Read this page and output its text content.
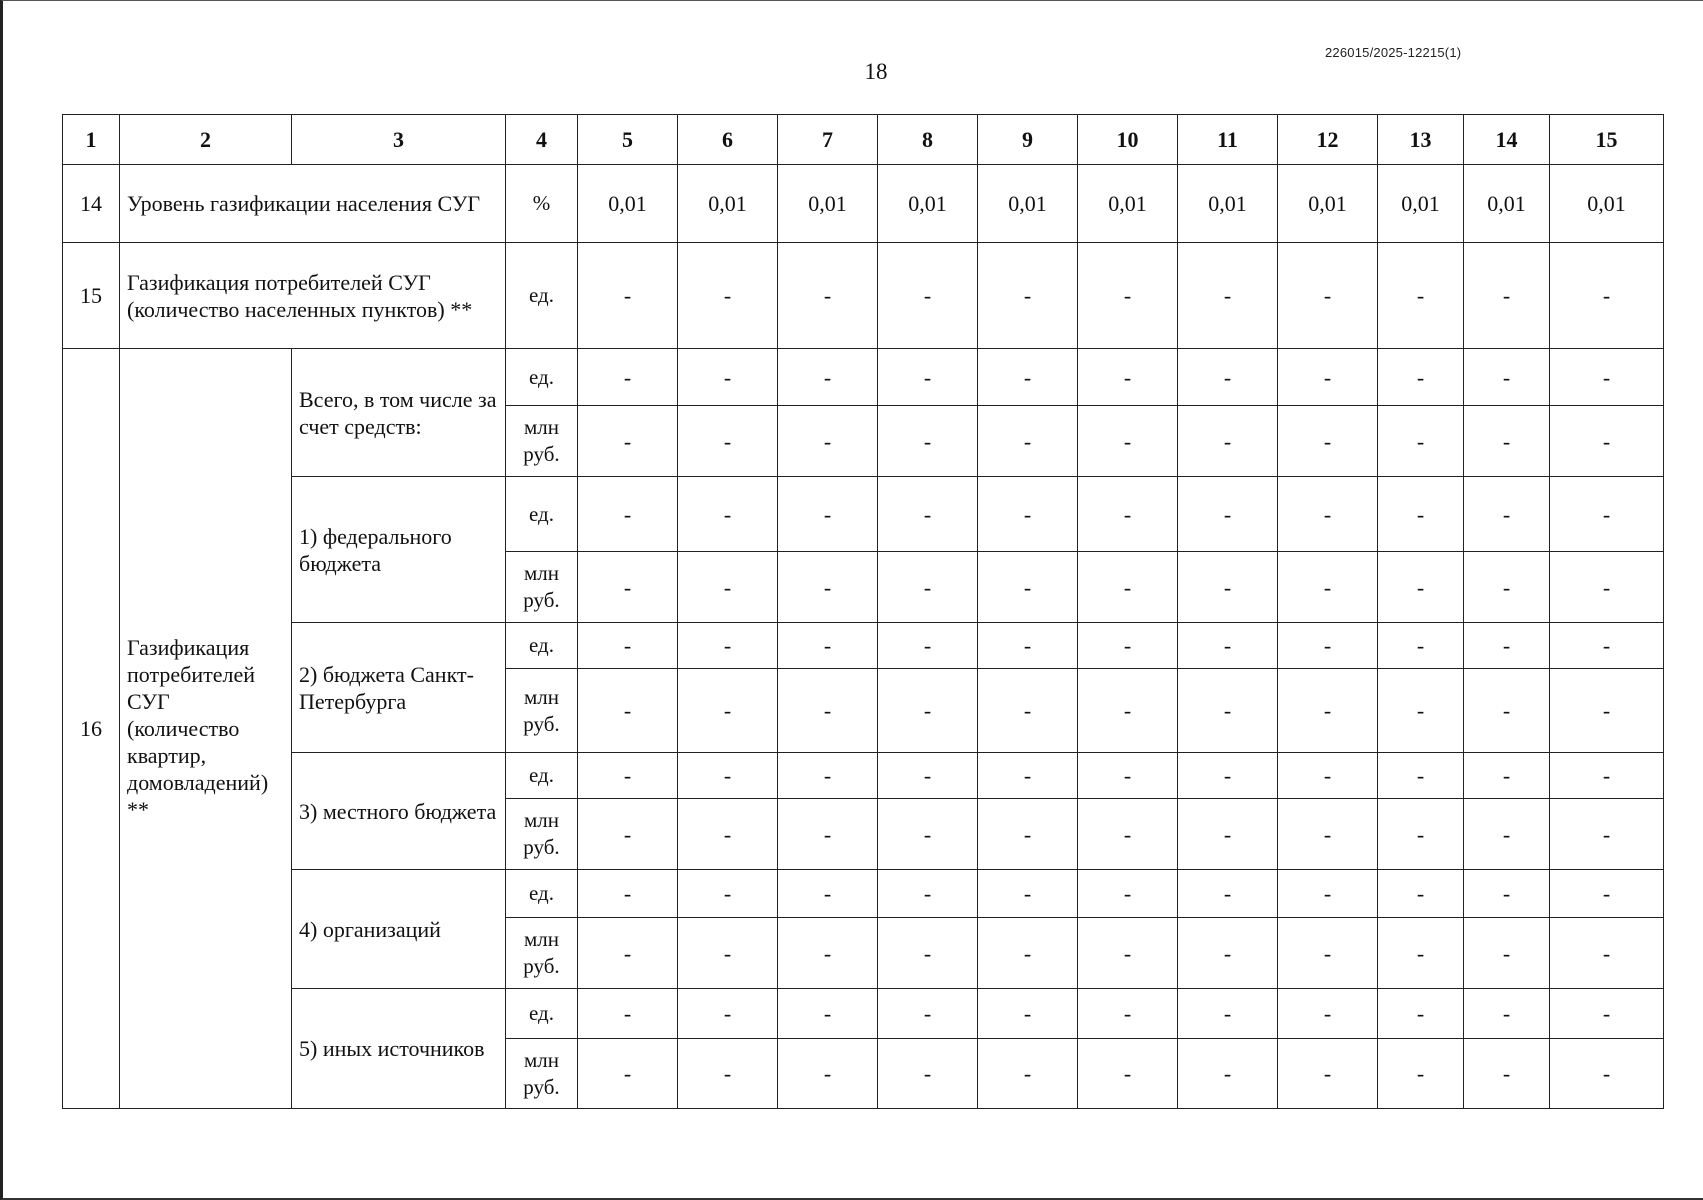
18
226015/2025-12215(1)
1	2	3	4	5	6	7	8	9	10	11	12	13	14	15
14	Уровень газификации населения СУГ		%	0,01	0,01	0,01	0,01	0,01	0,01	0,01	0,01	0,01	0,01	0,01
15	Газификация потребителей СУГ (количество населенных пунктов) **		ед.	-	-	-	-	-	-	-	-	-	-	-
16	Газификация потребителей СУГ (количество квартир, домовладений) **	Всего, в том числе за счет средств:	ед.	-	-	-	-	-	-	-	-	-	-	-
			млн руб.	-	-	-	-	-	-	-	-	-	-	-
		1) федерального бюджета	ед.	-	-	-	-	-	-	-	-	-	-	-
			млн руб.	-	-	-	-	-	-	-	-	-	-	-
		2) бюджета Санкт-Петербурга	ед.	-	-	-	-	-	-	-	-	-	-	-
			млн руб.	-	-	-	-	-	-	-	-	-	-	-
		3) местного бюджета	ед.	-	-	-	-	-	-	-	-	-	-	-
			млн руб.	-	-	-	-	-	-	-	-	-	-	-
		4) организаций	ед.	-	-	-	-	-	-	-	-	-	-	-
			млн руб.	-	-	-	-	-	-	-	-	-	-	-
		5) иных источников	ед.	-	-	-	-	-	-	-	-	-	-	-
			млн руб.	-	-	-	-	-	-	-	-	-	-	-
